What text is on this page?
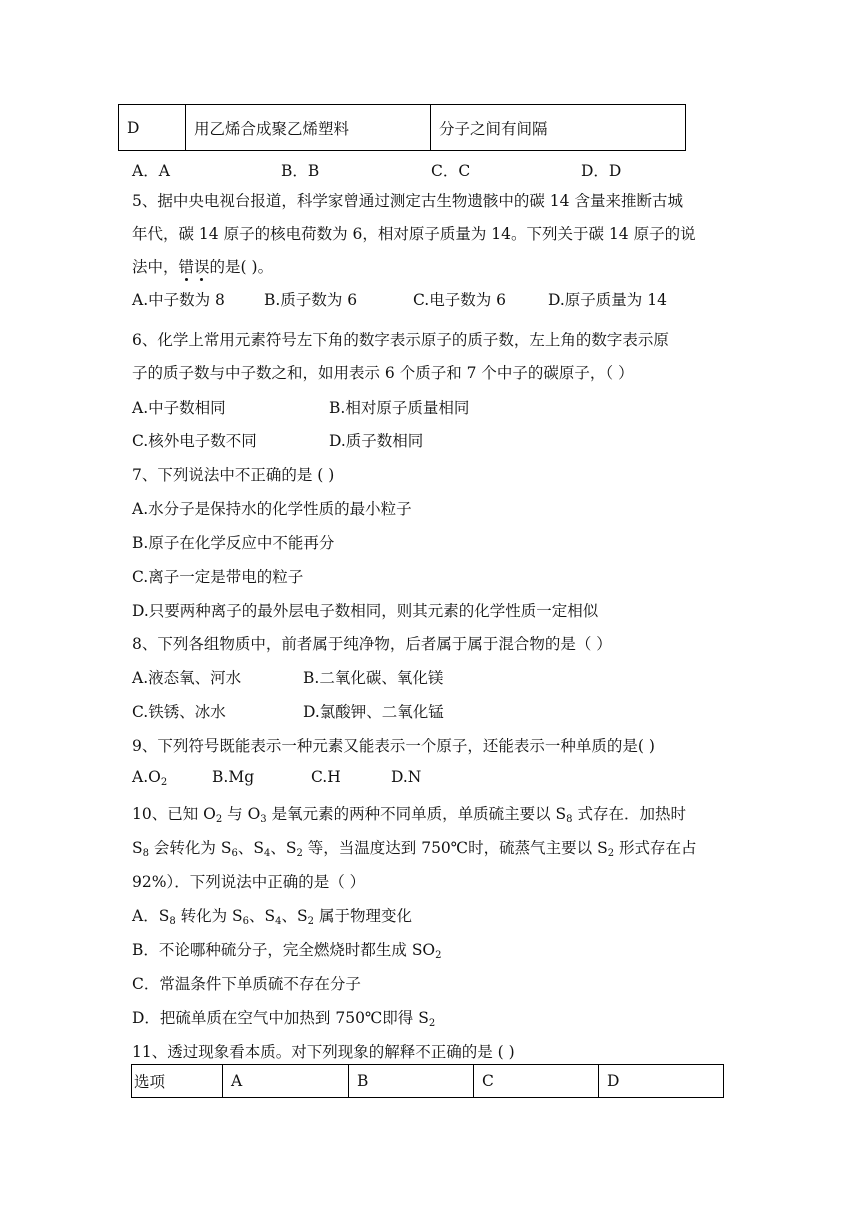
D	用乙烯合成聚乙烯塑料	分子之间有间隔
A．A	B．B	C．C	D．D
5、据中央电视台报道，科学家曾通过测定古生物遗骸中的碳 14 含量来推断古城
年代，碳 14 原子的核电荷数为 6，相对原子质量为 14。下列关于碳 14 原子的说
法中，错误的是( )。
A.中子数为 8	B.质子数为 6	C.电子数为 6	D.原子质量为 14
6、化学上常用元素符号左下角的数字表示原子的质子数，左上角的数字表示原
子的质子数与中子数之和，如用表示 6 个质子和 7 个中子的碳原子，（ ）
A.中子数相同	B.相对原子质量相同
C.核外电子数不同	D.质子数相同
7、下列说法中不正确的是 ( )
A.水分子是保持水的化学性质的最小粒子
B.原子在化学反应中不能再分
C.离子一定是带电的粒子
D.只要两种离子的最外层电子数相同，则其元素的化学性质一定相似
8、下列各组物质中，前者属于纯净物，后者属于属于混合物的是（ ）
A.液态氧、河水	B.二氧化碳、氧化镁
C.铁锈、冰水	D.氯酸钾、二氧化锰
9、下列符号既能表示一种元素又能表示一个原子，还能表示一种单质的是( )
$A.O_2$	B.Mg	C.H	D.N
10、已知 $O_2$ 与 $O_3$ 是氧元素的两种不同单质，单质硫主要以 $S_8$ 式存在．加热时
$S_8$ 会转化为 $S_6$、$S_4$、$S_2$ 等，当温度达到 750℃时，硫蒸气主要以 $S_2$ 形式存在占
92%）．下列说法中正确的是（ ）
A．$S_8$ 转化为 $S_6$、$S_4$、$S_2$ 属于物理变化
B．不论哪种硫分子，完全燃烧时都生成 $SO_2$
C．常温条件下单质硫不存在分子
D．把硫单质在空气中加热到 750℃即得 $S_2$
11、透过现象看本质。对下列现象的解释不正确的是 ( )
选项	A	B	C	D
